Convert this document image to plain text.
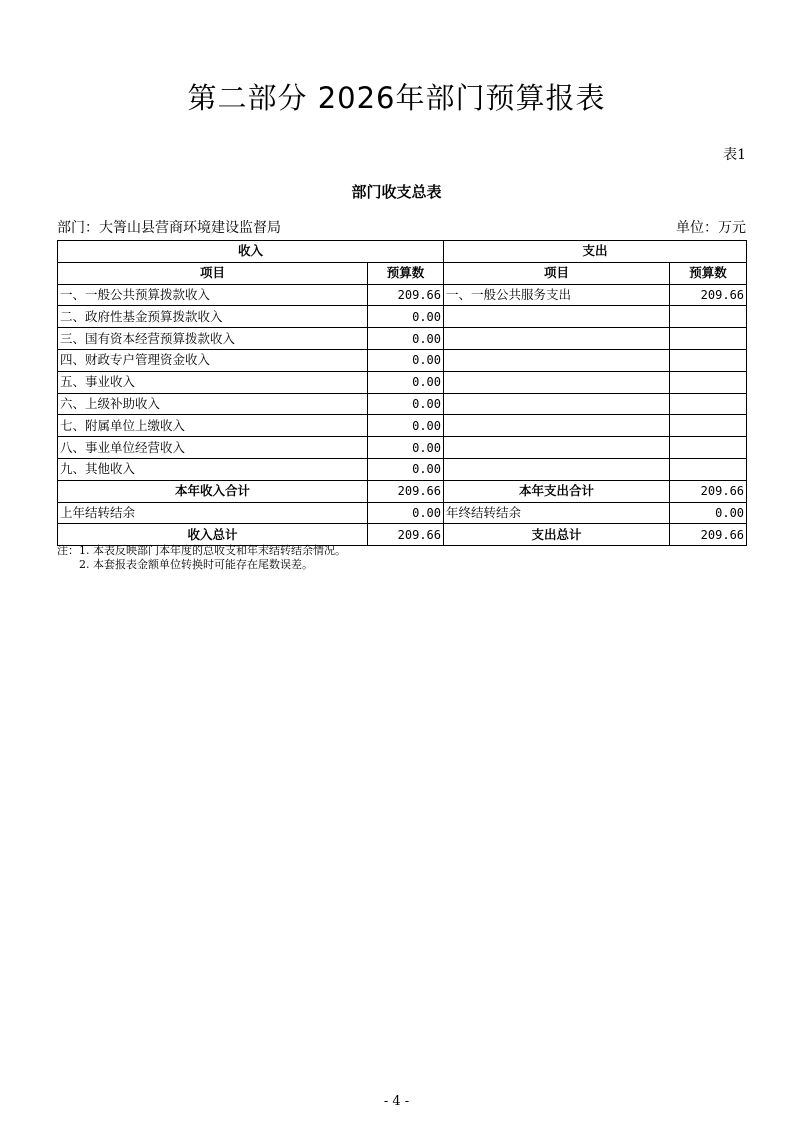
第二部分 2026年部门预算报表
表1
部门收支总表
部门：大箐山县营商环境建设监督局	单位：万元
收入		支出	
项目	预算数	项目	预算数
一、一般公共预算拨款收入	209.66	一、一般公共服务支出	209.66
二、政府性基金预算拨款收入	0.00		
三、国有资本经营预算拨款收入	0.00		
四、财政专户管理资金收入	0.00		
五、事业收入	0.00		
六、上级补助收入	0.00		
七、附属单位上缴收入	0.00		
八、事业单位经营收入	0.00		
九、其他收入	0.00		
本年收入合计	209.66	本年支出合计	209.66
上年结转结余	0.00	年终结转结余	0.00
收入总计	209.66	支出总计	209.66
注：1. 本表反映部门本年度的总收支和年末结转结余情况。
2. 本套报表金额单位转换时可能存在尾数误差。
- 4 -
